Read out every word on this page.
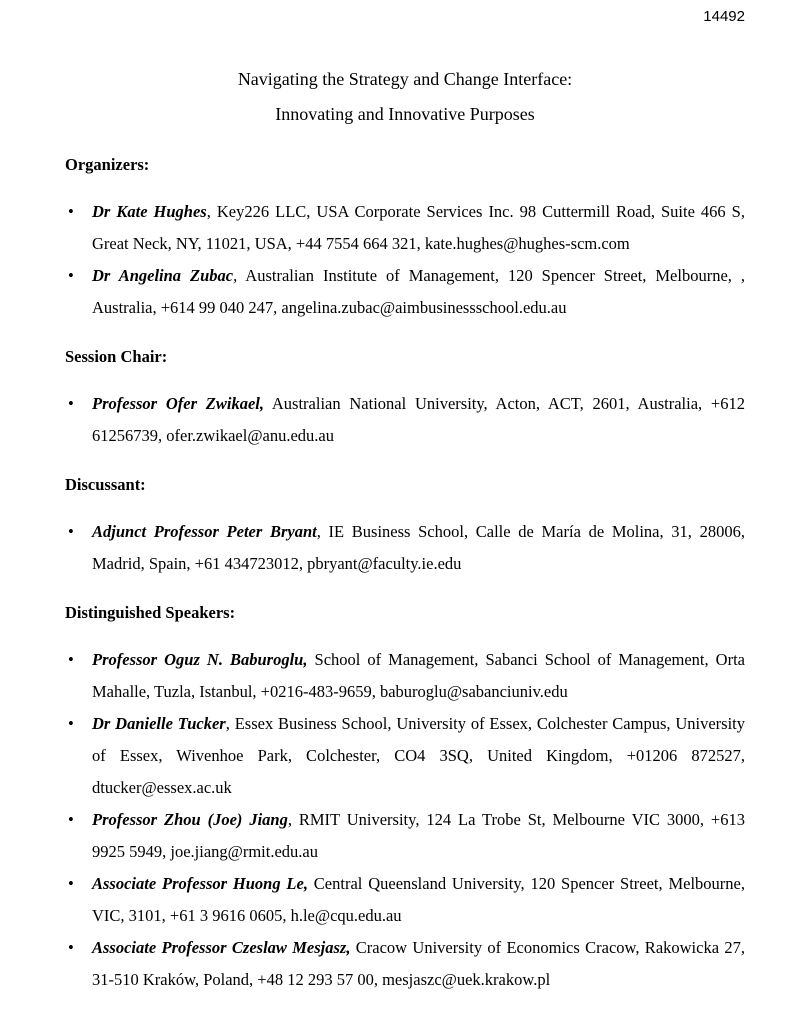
14492
Navigating the Strategy and Change Interface:
Innovating and Innovative Purposes
Organizers:
• Dr Kate Hughes, Key226 LLC, USA Corporate Services Inc. 98 Cuttermill Road, Suite 466 S, Great Neck, NY, 11021, USA, +44 7554 664 321, kate.hughes@hughes-scm.com
• Dr Angelina Zubac, Australian Institute of Management, 120 Spencer Street, Melbourne, , Australia, +614 99 040 247, angelina.zubac@aimbusinessschool.edu.au
Session Chair:
• Professor Ofer Zwikael, Australian National University, Acton, ACT, 2601, Australia, +612 61256739, ofer.zwikael@anu.edu.au
Discussant:
• Adjunct Professor Peter Bryant, IE Business School, Calle de María de Molina, 31, 28006, Madrid, Spain, +61 434723012, pbryant@faculty.ie.edu
Distinguished Speakers:
• Professor Oguz N. Baburoglu, School of Management, Sabanci School of Management, Orta Mahalle, Tuzla, Istanbul, +0216-483-9659, baburoglu@sabanciuniv.edu
• Dr Danielle Tucker, Essex Business School, University of Essex, Colchester Campus, University of Essex, Wivenhoe Park, Colchester, CO4 3SQ, United Kingdom, +01206 872527, dtucker@essex.ac.uk
• Professor Zhou (Joe) Jiang, RMIT University, 124 La Trobe St, Melbourne VIC 3000, +613 9925 5949, joe.jiang@rmit.edu.au
• Associate Professor Huong Le, Central Queensland University, 120 Spencer Street, Melbourne, VIC, 3101, +61 3 9616 0605, h.le@cqu.edu.au
• Associate Professor Czeslaw Mesjasz, Cracow University of Economics Cracow, Rakowicka 27, 31-510 Kraków, Poland, +48 12 293 57 00, mesjaszc@uek.krakow.pl
